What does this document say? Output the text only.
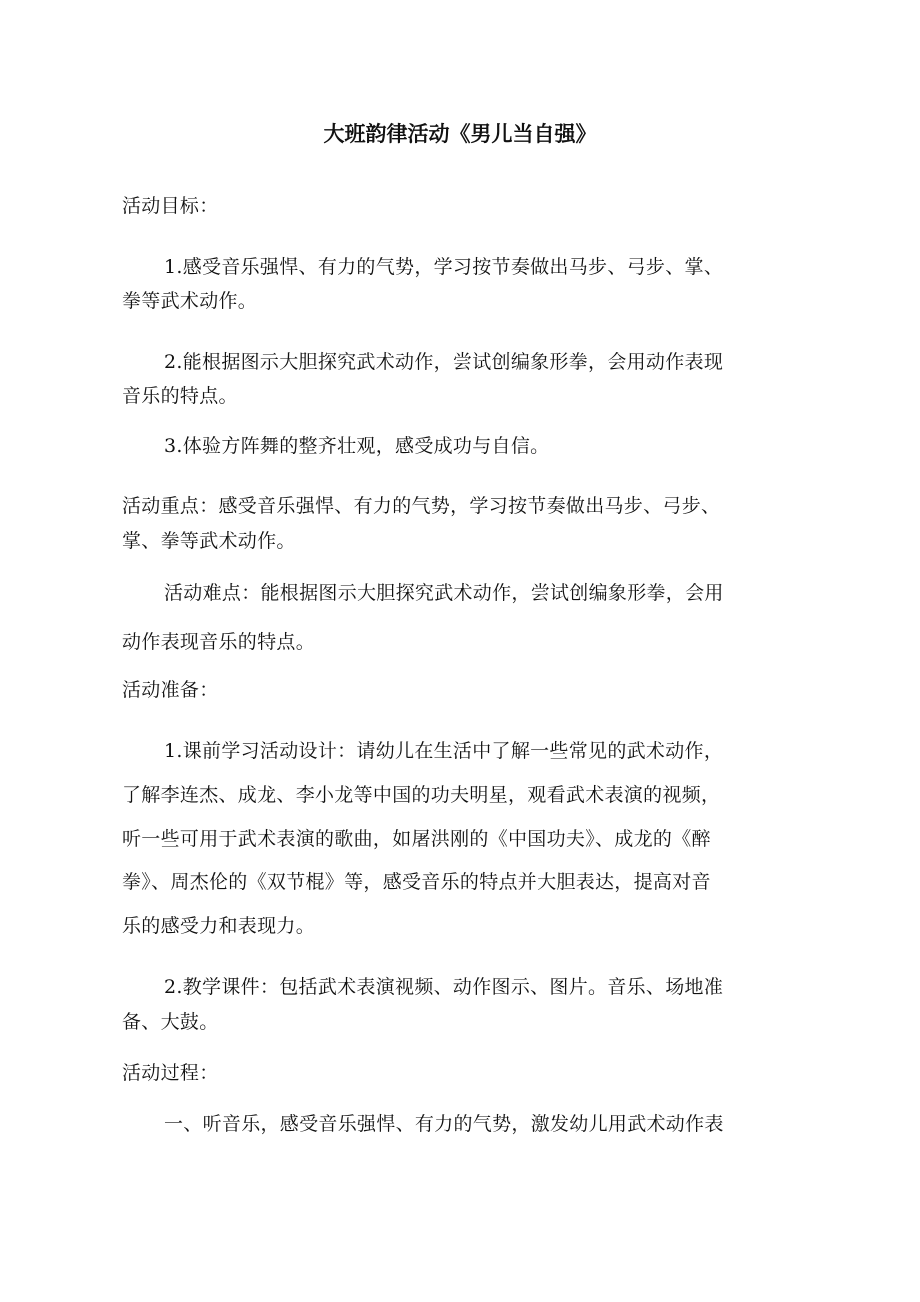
大班韵律活动《男儿当自强》
活动目标：
1.感受音乐强悍、有力的气势，学习按节奏做出马步、弓步、掌、
拳等武术动作。
2.能根据图示大胆探究武术动作，尝试创编象形拳，会用动作表现
音乐的特点。
3.体验方阵舞的整齐壮观，感受成功与自信。
活动重点：感受音乐强悍、有力的气势，学习按节奏做出马步、弓步、
掌、拳等武术动作。
活动难点：能根据图示大胆探究武术动作，尝试创编象形拳，会用
动作表现音乐的特点。
活动准备：
1.课前学习活动设计：请幼儿在生活中了解一些常见的武术动作，
了解李连杰、成龙、李小龙等中国的功夫明星，观看武术表演的视频，
听一些可用于武术表演的歌曲，如屠洪刚的《中国功夫》、成龙的《醉
拳》、周杰伦的《双节棍》等，感受音乐的特点并大胆表达，提高对音
乐的感受力和表现力。
2.教学课件：包括武术表演视频、动作图示、图片。音乐、场地准
备、大鼓。
活动过程：
一、听音乐，感受音乐强悍、有力的气势，激发幼儿用武术动作表
